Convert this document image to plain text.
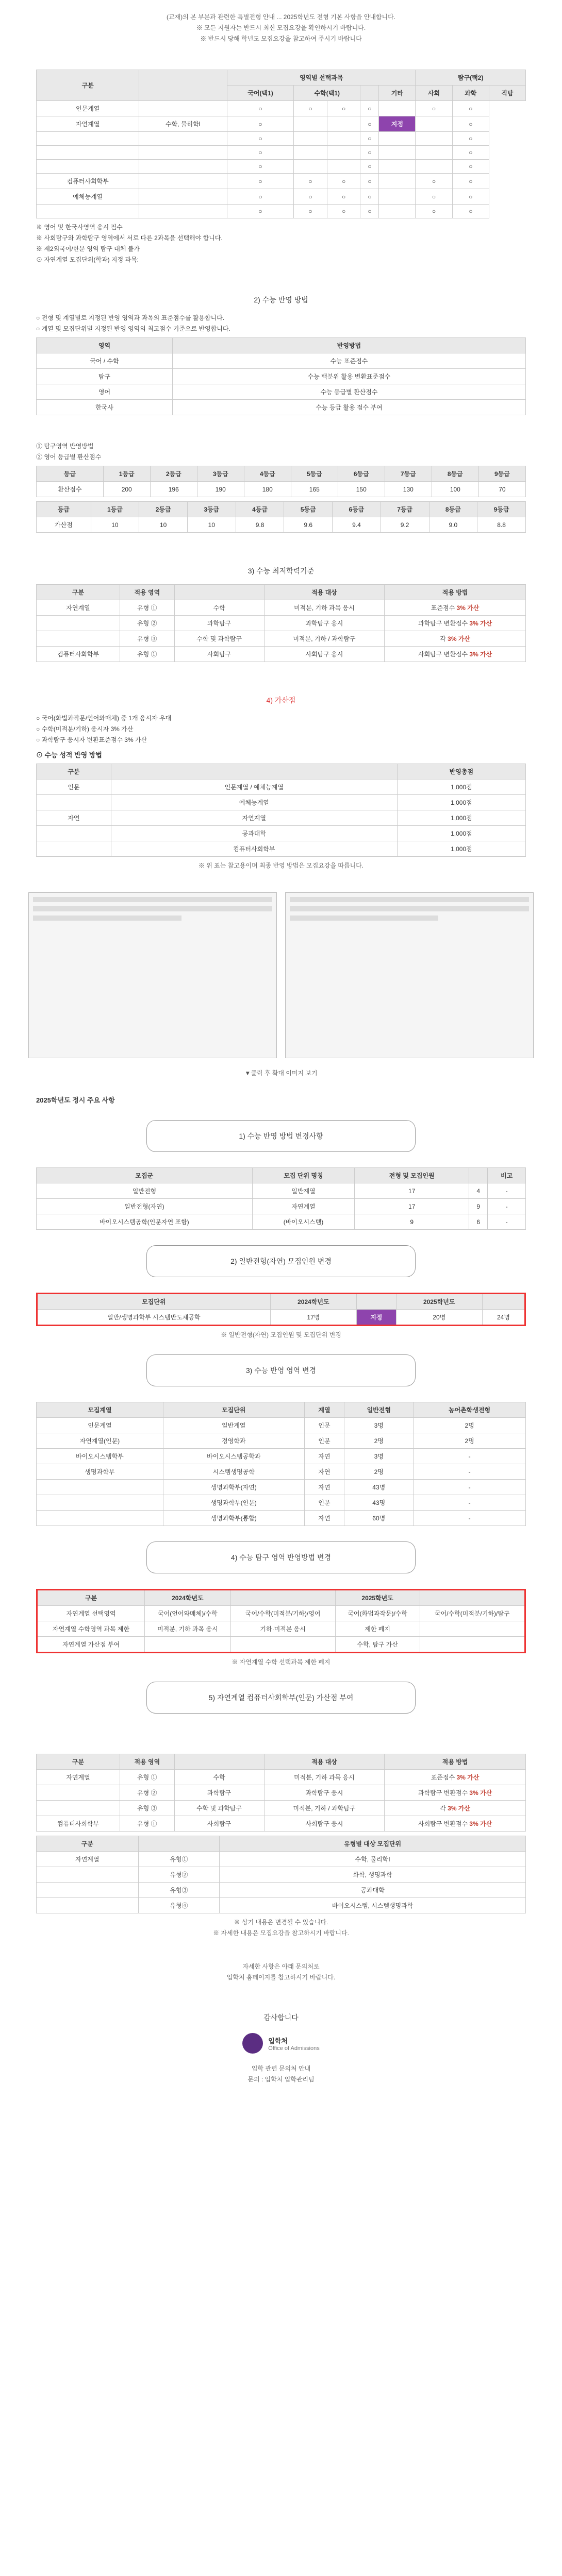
(교재)의 본 부분과 관련한 특별전형 안내 ... 2025학년도 전형 기본 사항을 안내합니다.

※ 모든 지원자는 반드시 최신 모집요강을 확인하시기 바랍니다.

※ 반드시 당해 학년도 모집요강을 참고하여 주시기 바랍니다

구분		영역별 선택과목					탐구(택2)		
		국어(택1)	수학(택1)			기타	사회	과학	직탐
인문계열		○	○	○	○		○	○	
자연계열	수학, 물리학Ⅰ	○			○	지정		○	
		○			○			○	
		○			○			○	
		○			○			○	
컴퓨터사회학부		○	○	○	○		○	○	
예체능계열		○	○	○	○		○	○	
		○	○	○	○		○	○	
※ 영어 및 한국사영역 응시 필수
※ 사회탐구와 과학탐구 영역에서 서로 다른 2과목을 선택해야 합니다.
※ 제2외국어/한문 영역 탐구 대체 불가
⊙ 자연계열 모집단위(학과) 지정 과목:

2) 수능 반영 방법

○ 전형 및 계열별로 지정된 반영 영역과 과목의 표준점수를 활용합니다.
○ 계열 및 모집단위별 지정된 반영 영역의 최고점수 기준으로 반영합니다.
영역	반영방법
국어 / 수학	수능 표준점수
탐구	수능 백분위 활용 변환표준점수
영어	수능 등급별 환산점수
한국사	수능 등급 활용 점수 부여
① 탐구영역 반영방법
② 영어 등급별 환산점수
등급	1등급	2등급	3등급	4등급	5등급	6등급	7등급	8등급	9등급
환산점수	200	196	190	180	165	150	130	100	70
등급	1등급	2등급	3등급	4등급	5등급	6등급	7등급	8등급	9등급
가산점	10	10	10	9.8	9.6	9.4	9.2	9.0	8.8

3) 수능 최저학력기준

구분	적용 영역		적용 대상	적용 방법
자연계열	유형 ①	수학	미적분, 기하 과목 응시	표준점수 3% 가산
	유형 ②	과학탐구	과학탐구 응시	과학탐구 변환점수 3% 가산
	유형 ③	수학 및 과학탐구	미적분, 기하 / 과학탐구	각 3% 가산
컴퓨터사회학부	유형 ①	사회탐구	사회탐구 응시	사회탐구 변환점수 3% 가산

4) 가산점

○ 국어(화법과작문/언어와매체) 중 1개 응시자 우대
○ 수학(미적분/기하) 응시자 3% 가산
○ 과학탐구 응시자 변환표준점수 3% 가산
⊙ 수능 성적 반영 방법
구분		반영총점
인문	인문계열 / 예체능계열	1,000점
	예체능계열	1,000점
자연	자연계열	1,000점
	공과대학	1,000점
	컴퓨터사회학부	1,000점

※ 위 표는 참고용이며 최종 반영 방법은 모집요강을 따릅니다.

▼클릭 후 확대 이미지 보기

2025학년도 정시 주요 사항

1) 수능 반영 방법 변경사항
모집군	모집 단위 명칭	전형 및 모집인원		비고
일반전형	일반계열	17	4	-
일반전형(자연)	자연계열	17	9	-
바이오시스템공학(인문자연 포함)	(바이오시스템)	9	6	-
2) 일반전형(자연) 모집인원 변경
모집단위	2024학년도		2025학년도	
일반/생명과학부 시스템반도체공학	17명	지정	20명	24명

※ 일반전형(자연) 모집인원 및 모집단위 변경

3) 수능 반영 영역 변경
모집계열	모집단위	계열	일반전형	농어촌학생전형
인문계열	일반계열	인문	3명	2명
자연계열(인문)	경영학과	인문	2명	2명
바이오시스템학부	바이오시스템공학과	자연	3명	-
생명과학부	시스템생명공학	자연	2명	-
	생명과학부(자연)	자연	43명	-
	생명과학부(인문)	인문	43명	-
	생명과학부(통합)	자연	60명	-
4) 수능 탐구 영역 반영방법 변경
구분	2024학년도		2025학년도	
자연계열 선택영역	국어(언어와매체)/수학	국어/수학(미적분/기하)/영어	국어(화법과작문)/수학	국어/수학(미적분/기하)/탐구
자연계열 수학영역 과목 제한	미적분, 기하 과목 응시	기하·미적분 응시	제한 폐지	
자연계열 가산점 부여			수학, 탐구 가산	

※ 자연계열 수학 선택과목 제한 폐지

5) 자연계열 컴퓨터사회학부(인문) 가산점 부여
구분	적용 영역		적용 대상	적용 방법
자연계열	유형 ①	수학	미적분, 기하 과목 응시	표준점수 3% 가산
	유형 ②	과학탐구	과학탐구 응시	과학탐구 변환점수 3% 가산
	유형 ③	수학 및 과학탐구	미적분, 기하 / 과학탐구	각 3% 가산
컴퓨터사회학부	유형 ①	사회탐구	사회탐구 응시	사회탐구 변환점수 3% 가산
구분		유형별 대상 모집단위
자연계열	유형①	수학, 물리학Ⅰ
	유형②	화학, 생명과학
	유형③	공과대학
	유형④	바이오시스템, 시스템생명과학

※ 상기 내용은 변경될 수 있습니다.

※ 자세한 내용은 모집요강을 참고하시기 바랍니다.

자세한 사항은 아래 문의처로

입학처 홈페이지를 참고하시기 바랍니다.

감사합니다

입학처
Office of Admissions

입학 관련 문의처 안내

문의 : 입학처 입학관리팀
